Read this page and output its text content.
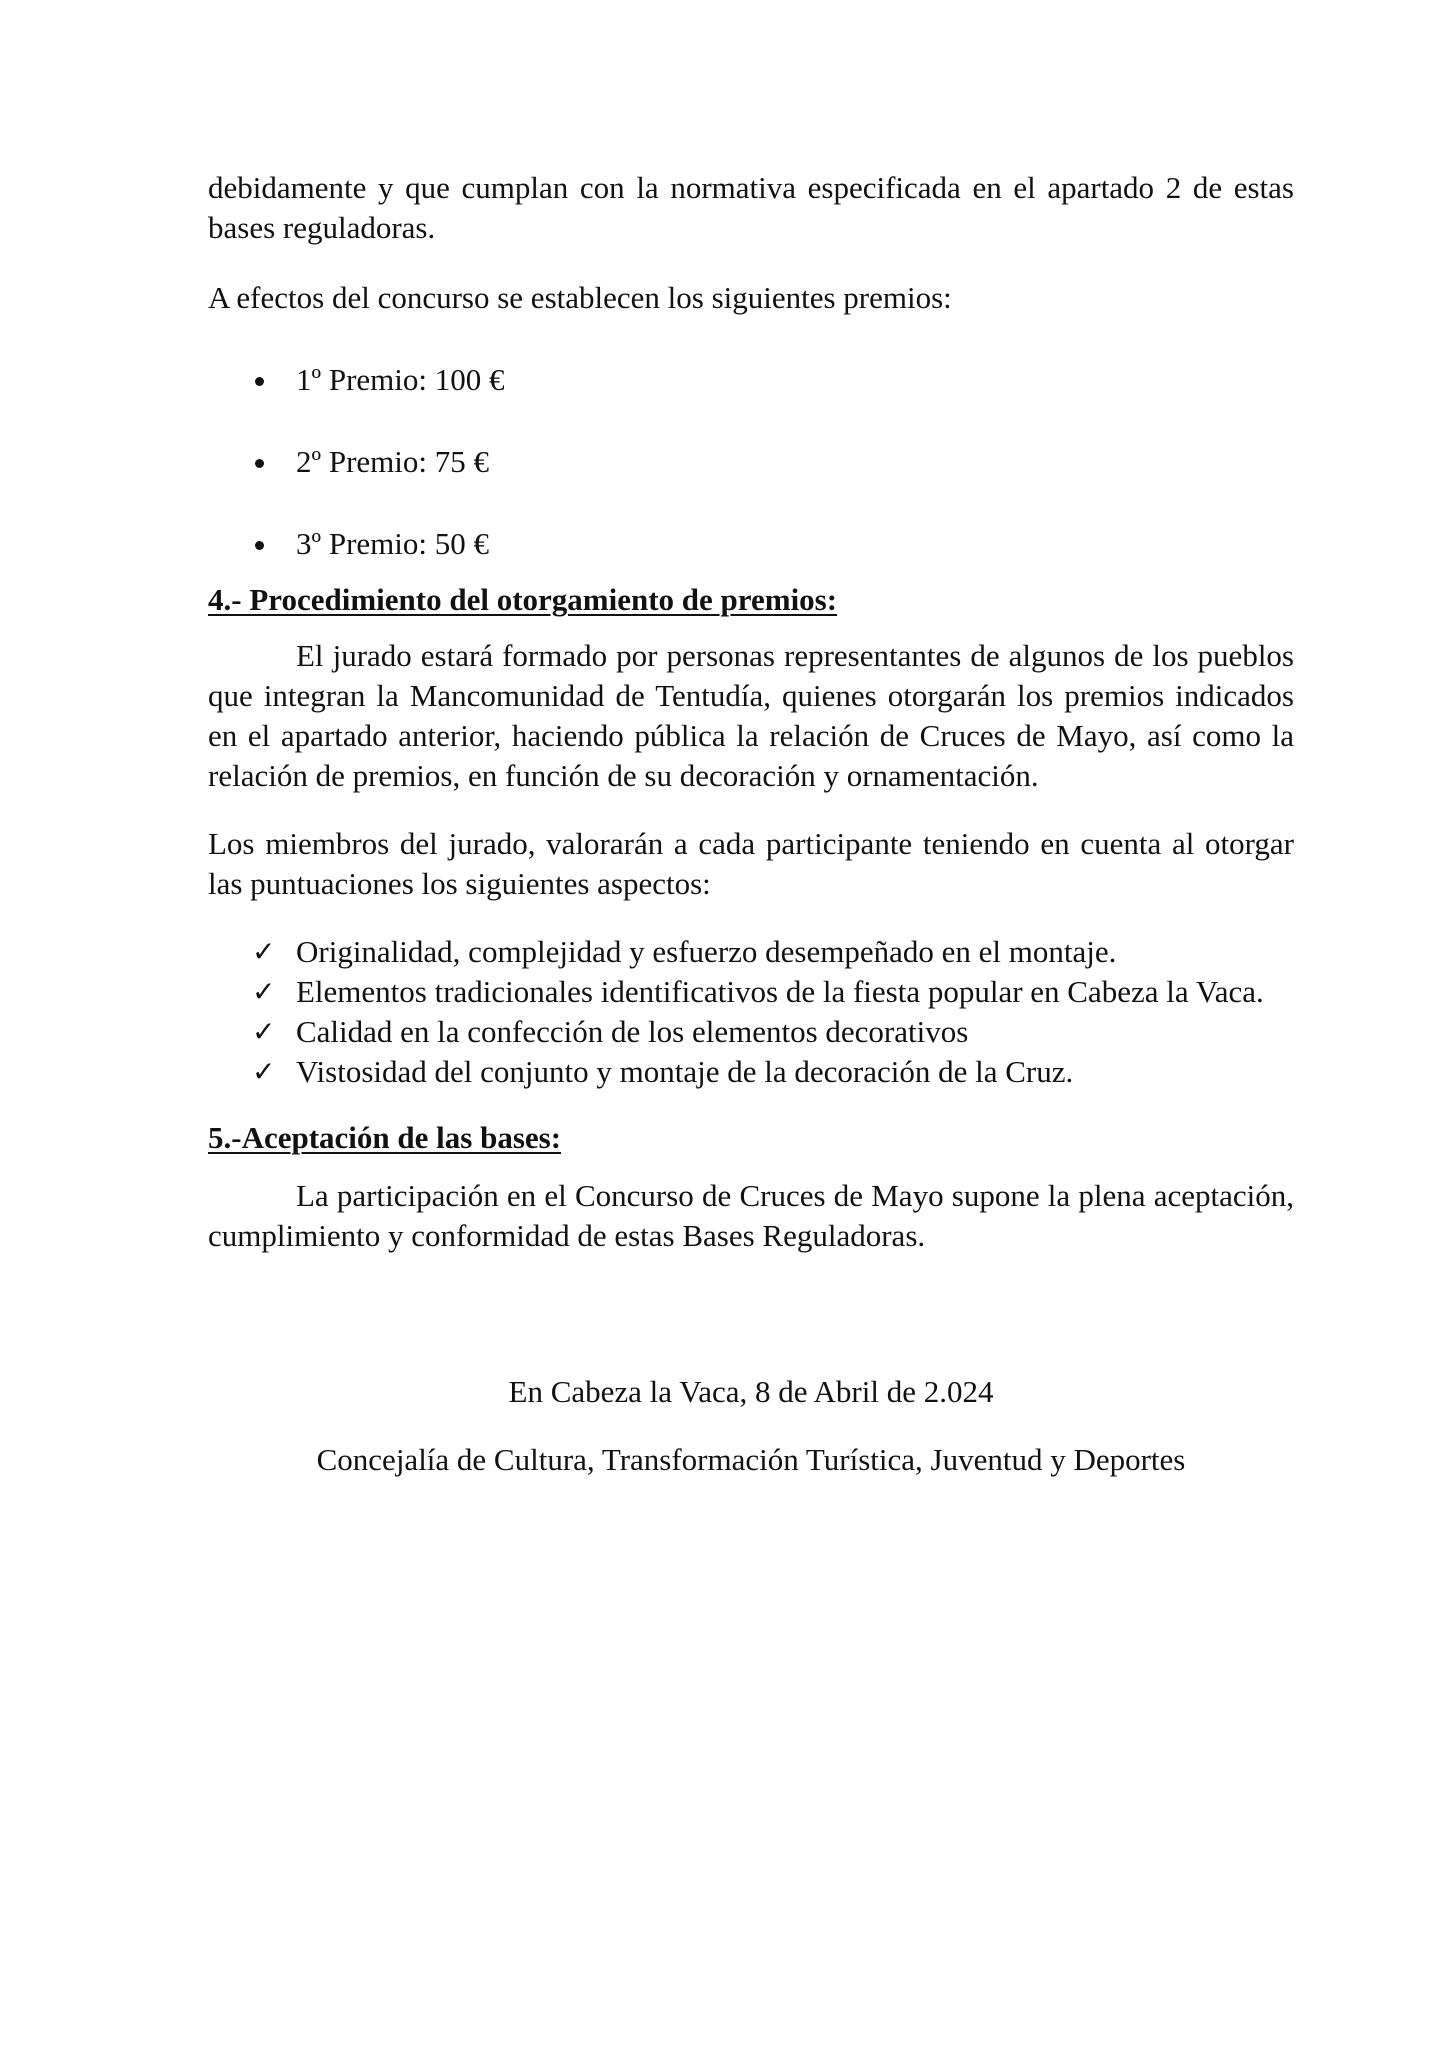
debidamente y que cumplan con la normativa especificada en el apartado 2 de estas bases reguladoras.

A efectos del concurso se establecen los siguientes premios:

1º Premio: 100 €
2º Premio: 75 €
3º Premio: 50 €

4.- Procedimiento del otorgamiento de premios:

El jurado estará formado por personas representantes de algunos de los pueblos que integran la Mancomunidad de Tentudía, quienes otorgarán los premios indicados en el apartado anterior, haciendo pública la relación de Cruces de Mayo, así como la relación de premios, en función de su decoración y ornamentación.

Los miembros del jurado, valorarán a cada participante teniendo en cuenta al otorgar las puntuaciones los siguientes aspectos:

✓ Originalidad, complejidad y esfuerzo desempeñado en el montaje.
✓ Elementos tradicionales identificativos de la fiesta popular en Cabeza la Vaca.
✓ Calidad en la confección de los elementos decorativos
✓ Vistosidad del conjunto y montaje de la decoración de la Cruz.

5.-Aceptación de las bases:

La participación en el Concurso de Cruces de Mayo supone la plena aceptación, cumplimiento y conformidad de estas Bases Reguladoras.

En Cabeza la Vaca, 8 de Abril de 2.024

Concejalía de Cultura, Transformación Turística, Juventud y Deportes
